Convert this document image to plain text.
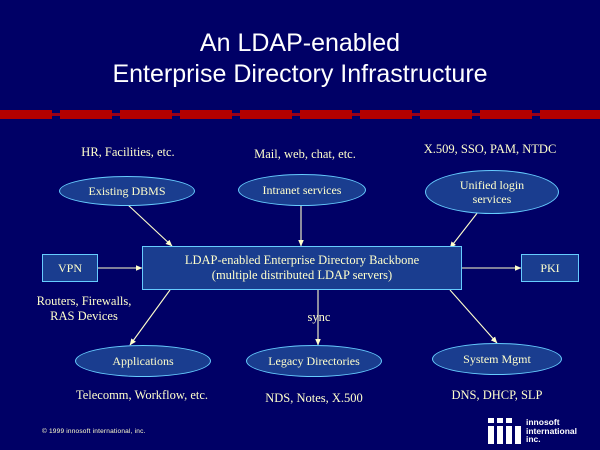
An LDAP-enabled
Enterprise Directory Infrastructure
HR, Facilities, etc.	Mail, web, chat, etc.	X.509, SSO, PAM, NTDC
Existing DBMS	Intranet services	Unified login
services
VPN
LDAP-enabled Enterprise Directory Backbone
(multiple distributed LDAP servers)	PKI
Routers, Firewalls,
RAS Devices	sync
Applications	Legacy Directories	System Mgmt
Telecomm, Workflow, etc.	NDS, Notes, X.500	DNS, DHCP, SLP
© 1999 innosoft international, inc.
innosoft
international
inc.
